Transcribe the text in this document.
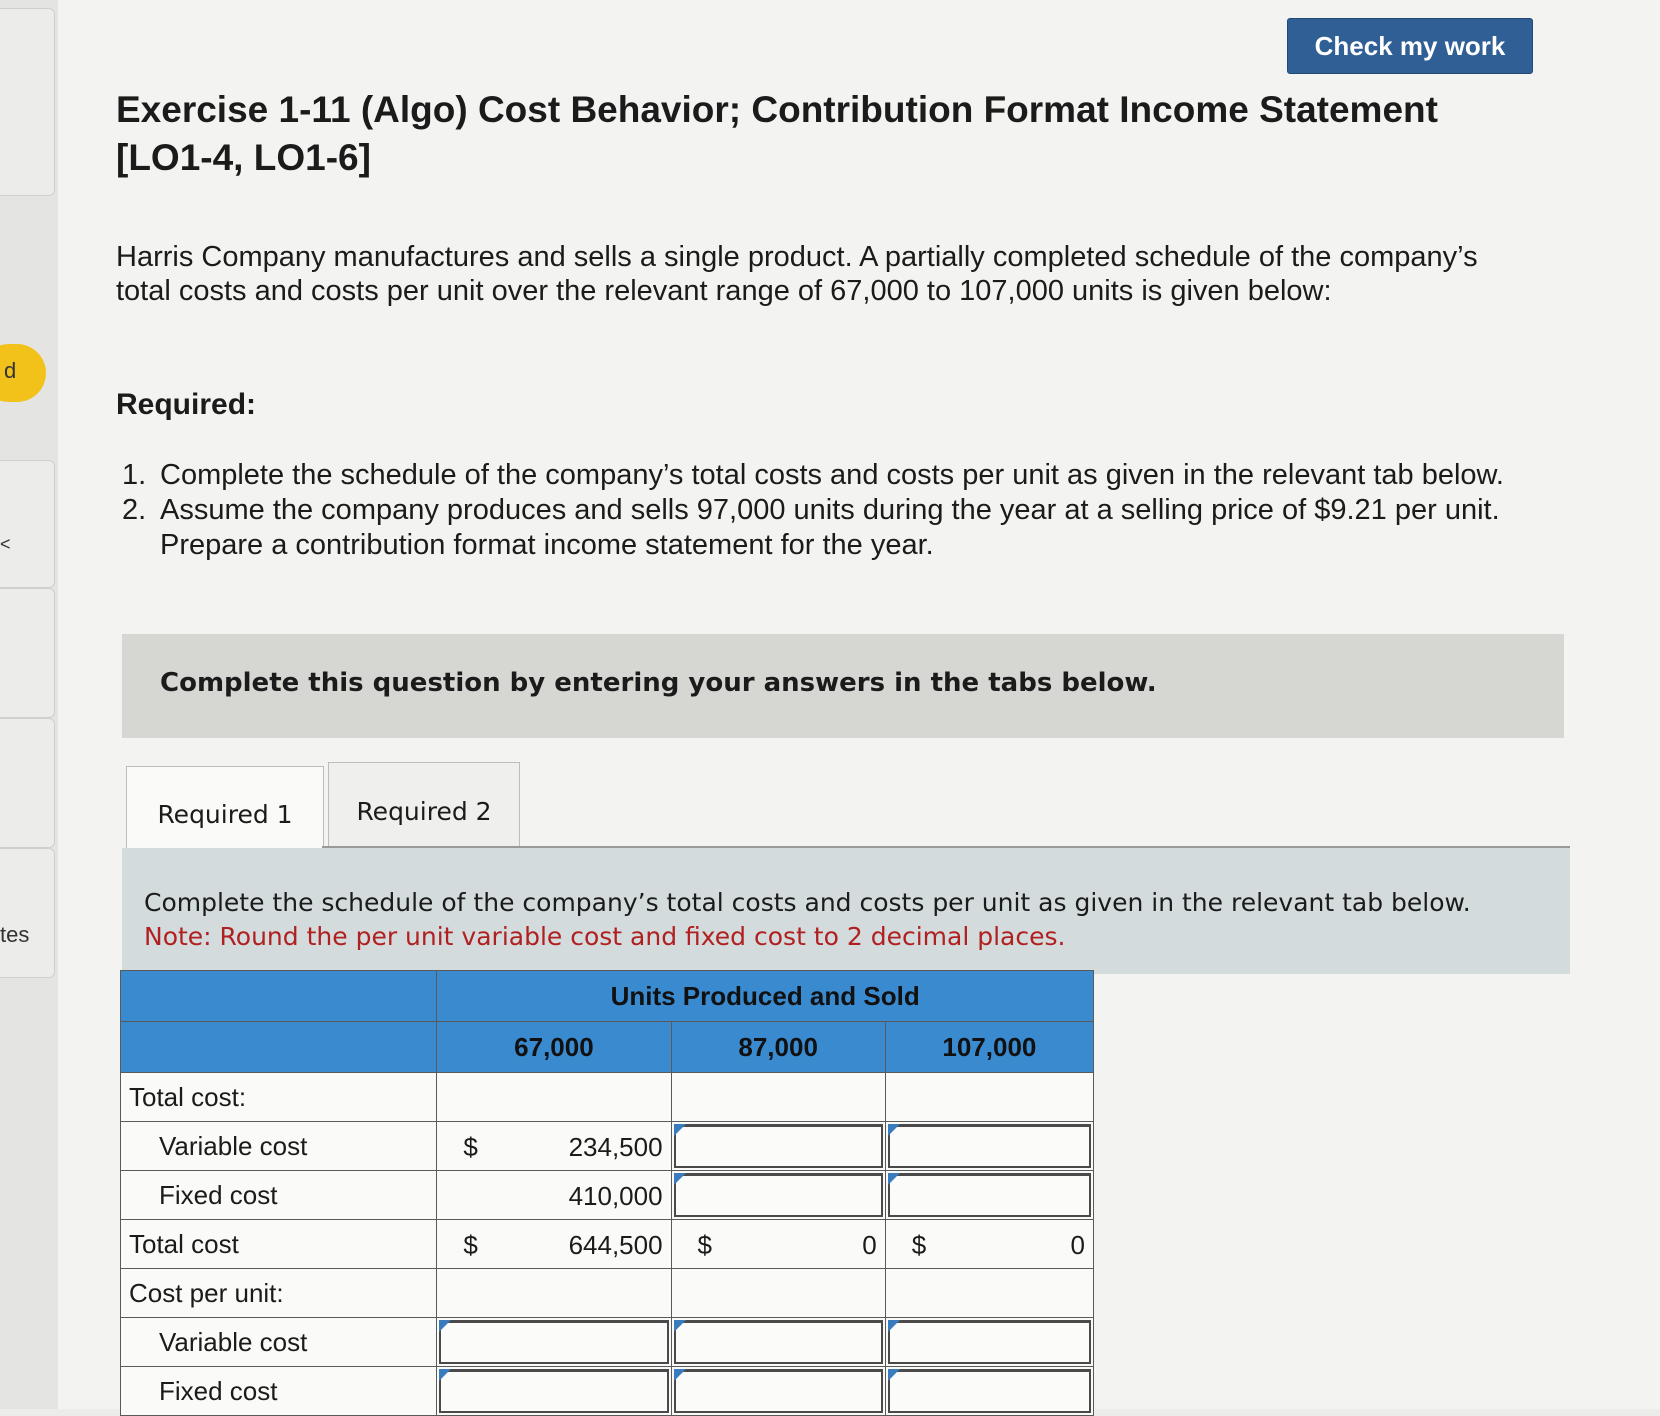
d
<
tes
Check my work
Exercise 1-11 (Algo) Cost Behavior; Contribution Format Income Statement [LO1-4, LO1-6]

Harris Company manufactures and sells a single product. A partially completed schedule of the company’s total costs and costs per unit over the relevant range of 67,000 to 107,000 units is given below:

Required:
1. Complete the schedule of the company’s total costs and costs per unit as given in the relevant tab below.
2. Assume the company produces and sells 97,000 units during the year at a selling price of $9.21 per unit. Prepare a contribution format income statement for the year.
Complete this question by entering your answers in the tabs below.
Required 1	Required 2
Complete the schedule of the company’s total costs and costs per unit as given in the relevant tab below.
Note: Round the per unit variable cost and fixed cost to 2 decimal places.
	Units Produced and Sold		
	67,000	87,000	107,000
Total cost:			
Variable cost	$ 234,500		

Fixed cost	410,000		

Total cost	$ 644,500	$ 0	$ 0

Cost per unit:			
Variable cost	

Fixed cost	
